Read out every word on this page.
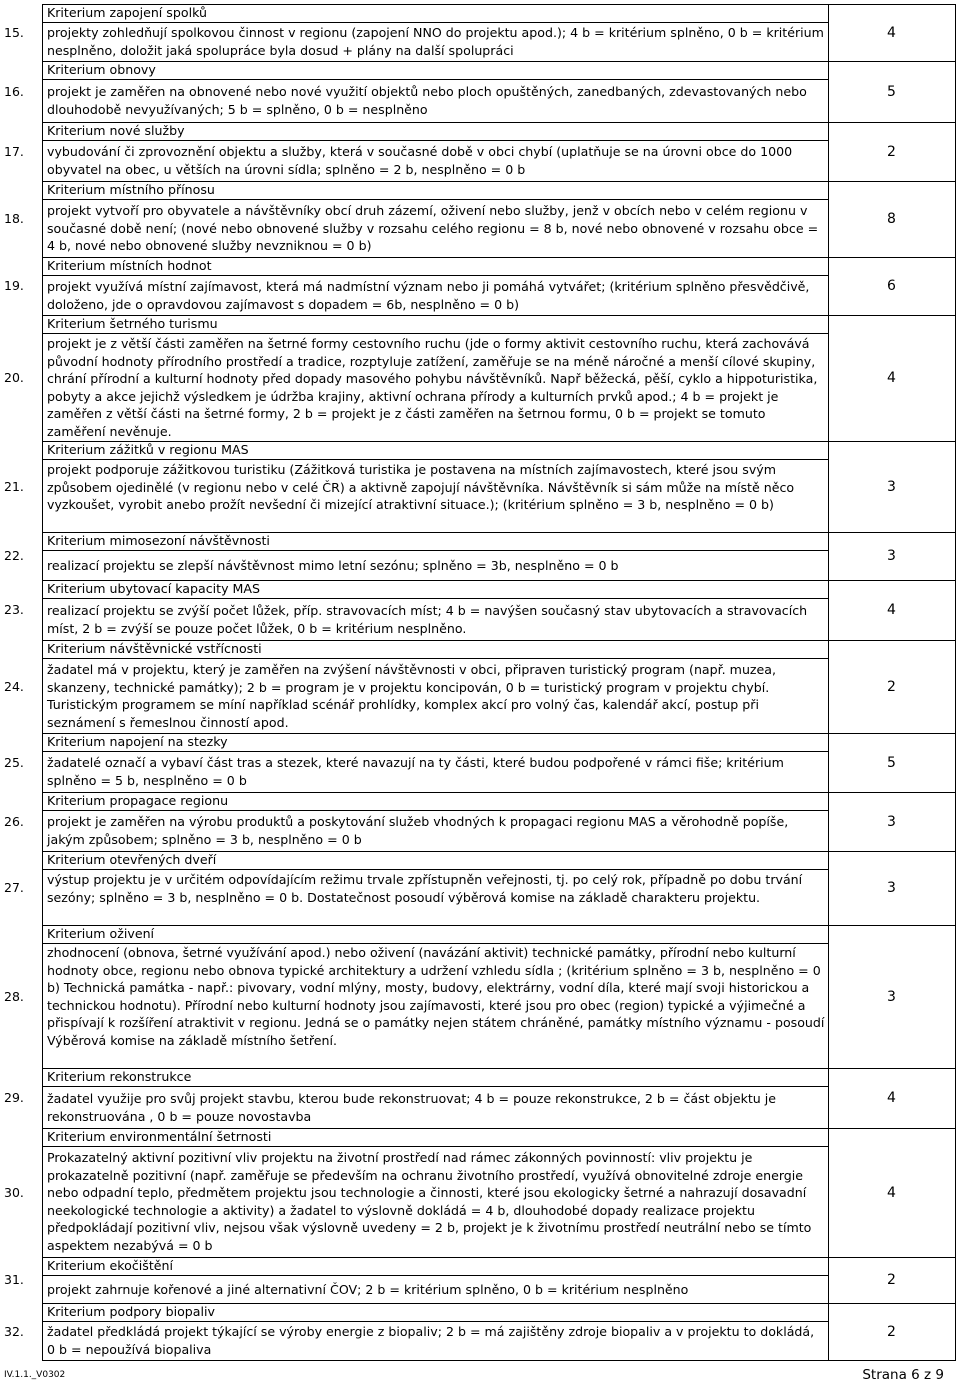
15.
Kriterium zapojení spolků
projekty zohledňují spolkovou činnost v regionu (zapojení NNO do projektu apod.); 4 b = kritérium splněno, 0 b = kritérium nesplněno, doložit jaká spolupráce byla dosud + plány na další spolupráci
4
16.
Kriterium obnovy
projekt je zaměřen na obnovené nebo nové využití objektů nebo ploch opuštěných, zanedbaných, zdevastovaných nebo dlouhodobě nevyužívaných; 5 b = splněno, 0 b = nesplněno
5
17.
Kriterium nové služby
vybudování či zprovoznění objektu a služby, která v současné době v obci chybí (uplatňuje se na úrovni obce do 1000 obyvatel na obec, u větších na úrovni sídla; splněno = 2 b, nesplněno = 0 b
2
18.
Kriterium místního přínosu
projekt vytvoří pro obyvatele a návštěvníky obcí druh zázemí, oživení nebo služby, jenž v obcích nebo v celém regionu v současné době není; (nové nebo obnovené služby v rozsahu celého regionu = 8 b, nové nebo obnovené v rozsahu obce = 4 b, nové nebo obnovené služby nevzniknou = 0 b)
8
19.
Kriterium místních hodnot
projekt využívá místní zajímavost, která má nadmístní význam nebo ji pomáhá vytvářet; (kritérium splněno přesvědčivě, doloženo, jde o opravdovou zajímavost s dopadem = 6b, nesplněno = 0 b)
6
20.
Kriterium šetrného turismu
projekt je z větší části zaměřen na šetrné formy cestovního ruchu (jde o formy aktivit cestovního ruchu, která zachovává původní hodnoty přírodního prostředí a tradice, rozptyluje zatížení, zaměřuje se na méně náročné a menší cílové skupiny, chrání přírodní a kulturní hodnoty před dopady masového pohybu návštěvníků. Např běžecká, pěší, cyklo a hippoturistika, pobyty a akce jejichž výsledkem je údržba krajiny, aktivní ochrana přírody a kulturních prvků apod.; 4 b = projekt je zaměřen z větší části na šetrné formy, 2 b = projekt je z části zaměřen na šetrnou formu, 0 b = projekt se tomuto zaměření nevěnuje.
4
21.
Kriterium zážitků v regionu MAS
projekt podporuje zážitkovou turistiku (Zážitková turistika je postavena na místních zajímavostech, které jsou svým způsobem ojedinělé (v regionu nebo v celé ČR) a aktivně zapojují návštěvníka. Návštěvník si sám může na místě něco vyzkoušet, vyrobit anebo prožít nevšední či mizející atraktivní situace.); (kritérium splněno = 3 b, nesplněno = 0 b)
3
22.
Kriterium mimosezoní návštěvnosti
realizací projektu se zlepší návštěvnost mimo letní sezónu; splněno = 3b, nesplněno = 0 b
3
23.
Kriterium ubytovací kapacity MAS
realizací projektu se zvýší počet lůžek, příp. stravovacích míst; 4 b = navýšen současný stav ubytovacích a stravovacích míst, 2 b = zvýší se pouze počet lůžek, 0 b = kritérium nesplněno.
4
24.
Kriterium návštěvnické vstřícnosti
žadatel má v projektu, který je zaměřen na zvýšení návštěvnosti v obci, připraven turistický program (např. muzea, skanzeny, technické památky); 2 b = program je v projektu koncipován, 0 b = turistický program v projektu chybí. Turistickým programem se míní například scénář prohlídky, komplex akcí pro volný čas, kalendář akcí, postup při seznámení s řemeslnou činností apod.
2
25.
Kriterium napojení na stezky
žadatelé označí a vybaví část tras a stezek, které navazují na ty části, které budou podpořené v rámci fiše; kritérium splněno = 5 b, nesplněno = 0 b
5
26.
Kriterium propagace regionu
projekt je zaměřen na výrobu produktů a poskytování služeb vhodných k propagaci regionu MAS a věrohodně popíše, jakým způsobem; splněno = 3 b, nesplněno = 0 b
3
27.
Kriterium otevřených dveří
výstup projektu je v určitém odpovídajícím režimu trvale zpřístupněn veřejnosti, tj. po celý rok, případně po dobu trvání sezóny; splněno = 3 b, nesplněno = 0 b. Dostatečnost posoudí výběrová komise na základě charakteru projektu.
3
28.
Kriterium oživení
zhodnocení (obnova, šetrné využívání apod.) nebo oživení (navázání aktivit) technické památky, přírodní nebo kulturní hodnoty obce, regionu nebo obnova typické architektury a udržení vzhledu sídla ; (kritérium splněno = 3 b, nesplněno = 0 b) Technická památka - např.: pivovary, vodní mlýny, mosty, budovy, elektrárny, vodní díla, které mají svoji historickou a technickou hodnotu). Přírodní nebo kulturní hodnoty jsou zajímavosti, které jsou pro obec (region) typické a výjimečné a přispívají k rozšíření atraktivit v regionu. Jedná se o památky nejen státem chráněné, památky místního významu - posoudí Výběrová komise na základě místního šetření.
3
29.
Kriterium rekonstrukce
žadatel využije pro svůj projekt stavbu, kterou bude rekonstruovat; 4 b = pouze rekonstrukce, 2 b = část objektu je rekonstruována , 0 b = pouze novostavba
4
30.
Kriterium environmentální šetrnosti
Prokazatelný aktivní pozitivní vliv projektu na životní prostředí nad rámec zákonných povinností: vliv projektu je prokazatelně pozitivní (např. zaměřuje se především na ochranu životního prostředí, využívá obnovitelné zdroje energie nebo odpadní teplo, předmětem projektu jsou technologie a činnosti, které jsou ekologicky šetrné a nahrazují dosavadní neekologické technologie a aktivity) a žadatel to výslovně dokládá = 4 b, dlouhodobé dopady realizace projektu předpokládají pozitivní vliv, nejsou však výslovně uvedeny = 2 b, projekt je k životnímu prostředí neutrální nebo se tímto aspektem nezabývá = 0 b
4
31.
Kriterium ekočištění
projekt zahrnuje kořenové a jiné alternativní ČOV; 2 b = kritérium splněno, 0 b = kritérium nesplněno
2
32.
Kriterium podpory biopaliv
žadatel předkládá projekt týkající se výroby energie z biopaliv; 2 b = má zajištěny zdroje biopaliv a v projektu to dokládá, 0 b = nepoužívá biopaliva
2
IV.1.1._V0302	Strana 6 z 9
